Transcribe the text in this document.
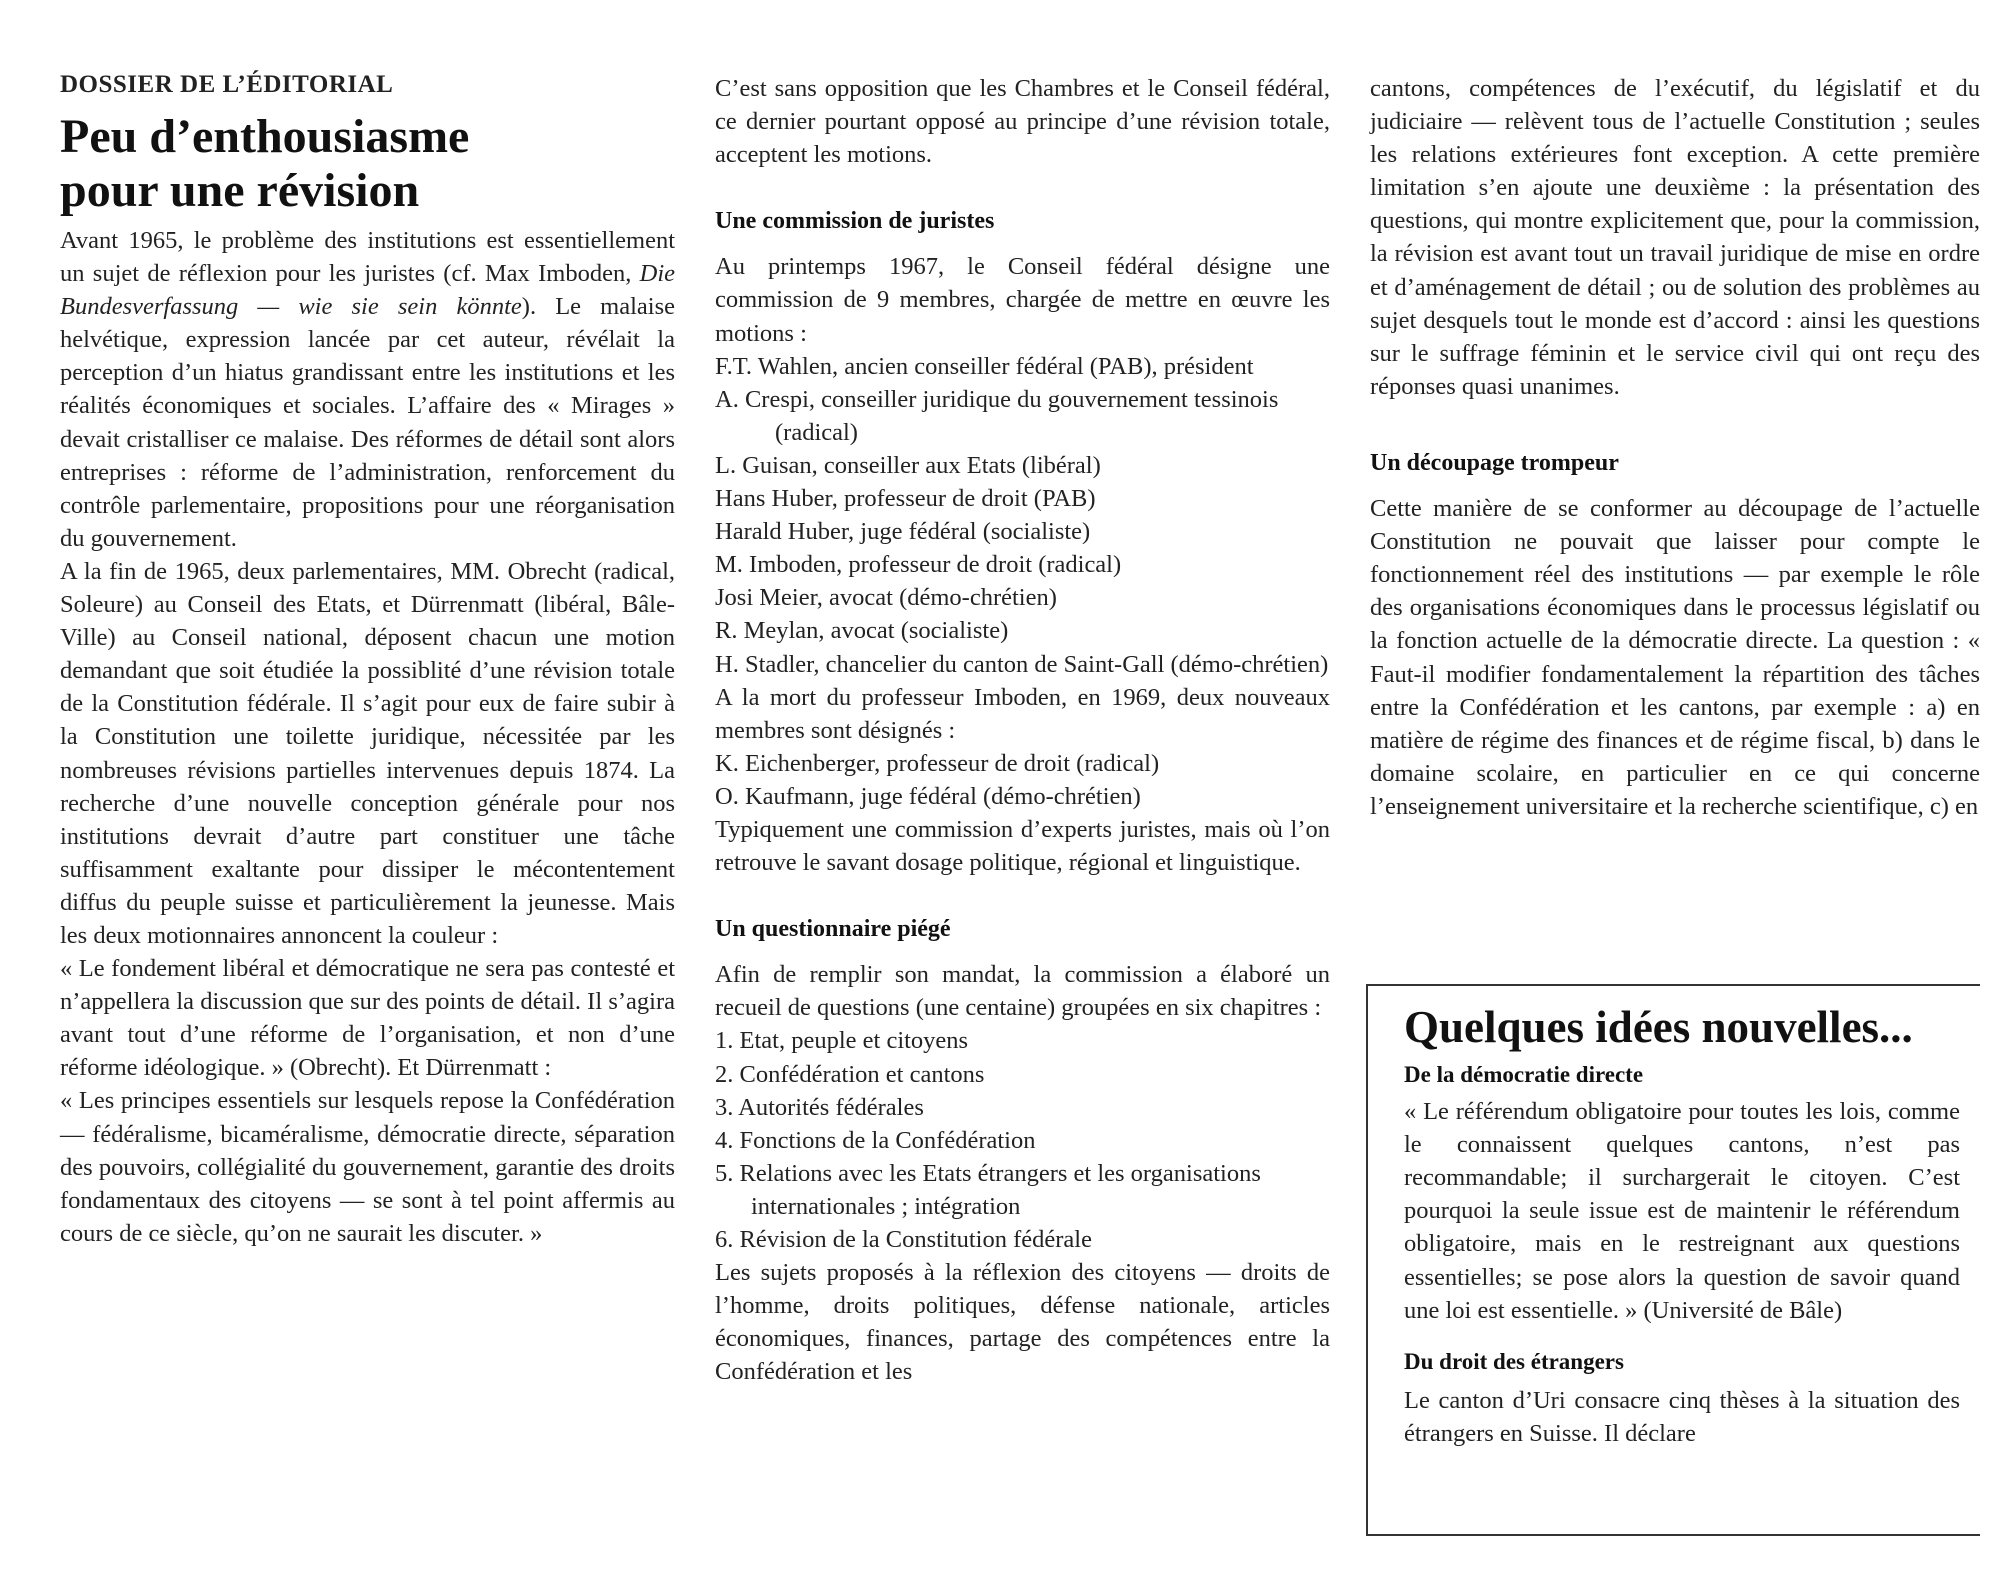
DOSSIER DE L’ÉDITORIAL

Peu d’enthousiasme
pour une révision

Avant 1965, le problème des institutions est essentiellement un sujet de réflexion pour les juristes (cf. Max Imboden, Die Bundesverfassung — wie sie sein könnte). Le malaise helvétique, expression lancée par cet auteur, révélait la perception d’un hiatus grandissant entre les institutions et les réalités économiques et sociales. L’affaire des « Mirages » devait cristalliser ce malaise. Des réformes de détail sont alors entreprises : réforme de l’administration, renforcement du contrôle parlementaire, propositions pour une réorganisation du gouvernement.

A la fin de 1965, deux parlementaires, MM. Obrecht (radical, Soleure) au Conseil des Etats, et Dürrenmatt (libéral, Bâle-Ville) au Conseil national, déposent chacun une motion demandant que soit étudiée la possiblité d’une révision totale de la Constitution fédérale. Il s’agit pour eux de faire subir à la Constitution une toilette juridique, nécessitée par les nombreuses révisions partielles intervenues depuis 1874. La recherche d’une nouvelle conception générale pour nos institutions devrait d’autre part constituer une tâche suffisamment exaltante pour dissiper le mécontentement diffus du peuple suisse et particulièrement la jeunesse. Mais les deux motionnaires annoncent la couleur :

« Le fondement libéral et démocratique ne sera pas contesté et n’appellera la discussion que sur des points de détail. Il s’agira avant tout d’une réforme de l’organisation, et non d’une réforme idéologique. » (Obrecht). Et Dürrenmatt :

« Les principes essentiels sur lesquels repose la Confédération — fédéralisme, bicaméralisme, démocratie directe, séparation des pouvoirs, collégialité du gouvernement, garantie des droits fondamentaux des citoyens — se sont à tel point affermis au cours de ce siècle, qu’on ne saurait les discuter. »

C’est sans opposition que les Chambres et le Conseil fédéral, ce dernier pourtant opposé au principe d’une révision totale, acceptent les motions.

Une commission de juristes

Au printemps 1967, le Conseil fédéral désigne une commission de 9 membres, chargée de mettre en œuvre les motions :

F.T. Wahlen, ancien conseiller fédéral (PAB), président
A. Crespi, conseiller juridique du gouvernement tessinois (radical)
L. Guisan, conseiller aux Etats (libéral)
Hans Huber, professeur de droit (PAB)
Harald Huber, juge fédéral (socialiste)
M. Imboden, professeur de droit (radical)
Josi Meier, avocat (démo-chrétien)
R. Meylan, avocat (socialiste)
H. Stadler, chancelier du canton de Saint-Gall (démo-chrétien)

A la mort du professeur Imboden, en 1969, deux nouveaux membres sont désignés :

K. Eichenberger, professeur de droit (radical)
O. Kaufmann, juge fédéral (démo-chrétien)

Typiquement une commission d’experts juristes, mais où l’on retrouve le savant dosage politique, régional et linguistique.

Un questionnaire piégé

Afin de remplir son mandat, la commission a élaboré un recueil de questions (une centaine) groupées en six chapitres :

1. Etat, peuple et citoyens
2. Confédération et cantons
3. Autorités fédérales
4. Fonctions de la Confédération
5. Relations avec les Etats étrangers et les organisations internationales ; intégration
6. Révision de la Constitution fédérale

Les sujets proposés à la réflexion des citoyens — droits de l’homme, droits politiques, défense nationale, articles économiques, finances, partage des compétences entre la Confédération et les

cantons, compétences de l’exécutif, du législatif et du judiciaire — relèvent tous de l’actuelle Constitution ; seules les relations extérieures font exception. A cette première limitation s’en ajoute une deuxième : la présentation des questions, qui montre explicitement que, pour la commission, la révision est avant tout un travail juridique de mise en ordre et d’aménagement de détail ; ou de solution des problèmes au sujet desquels tout le monde est d’accord : ainsi les questions sur le suffrage féminin et le service civil qui ont reçu des réponses quasi unanimes.

Un découpage trompeur

Cette manière de se conformer au découpage de l’actuelle Constitution ne pouvait que laisser pour compte le fonctionnement réel des institutions — par exemple le rôle des organisations économiques dans le processus législatif ou la fonction actuelle de la démocratie directe. La question : « Faut-il modifier fondamentalement la répartition des tâches entre la Confédération et les cantons, par exemple : a) en matière de régime des finances et de régime fiscal, b) dans le domaine scolaire, en particulier en ce qui concerne l’enseignement universitaire et la recherche scientifique, c) en

Quelques idées nouvelles...
De la démocratie directe

« Le référendum obligatoire pour toutes les lois, comme le connaissent quelques cantons, n’est pas recommandable; il surchargerait le citoyen. C’est pourquoi la seule issue est de maintenir le référendum obligatoire, mais en le restreignant aux questions essentielles; se pose alors la question de savoir quand une loi est essentielle. » (Université de Bâle)

Du droit des étrangers

Le canton d’Uri consacre cinq thèses à la situation des étrangers en Suisse. Il déclare
